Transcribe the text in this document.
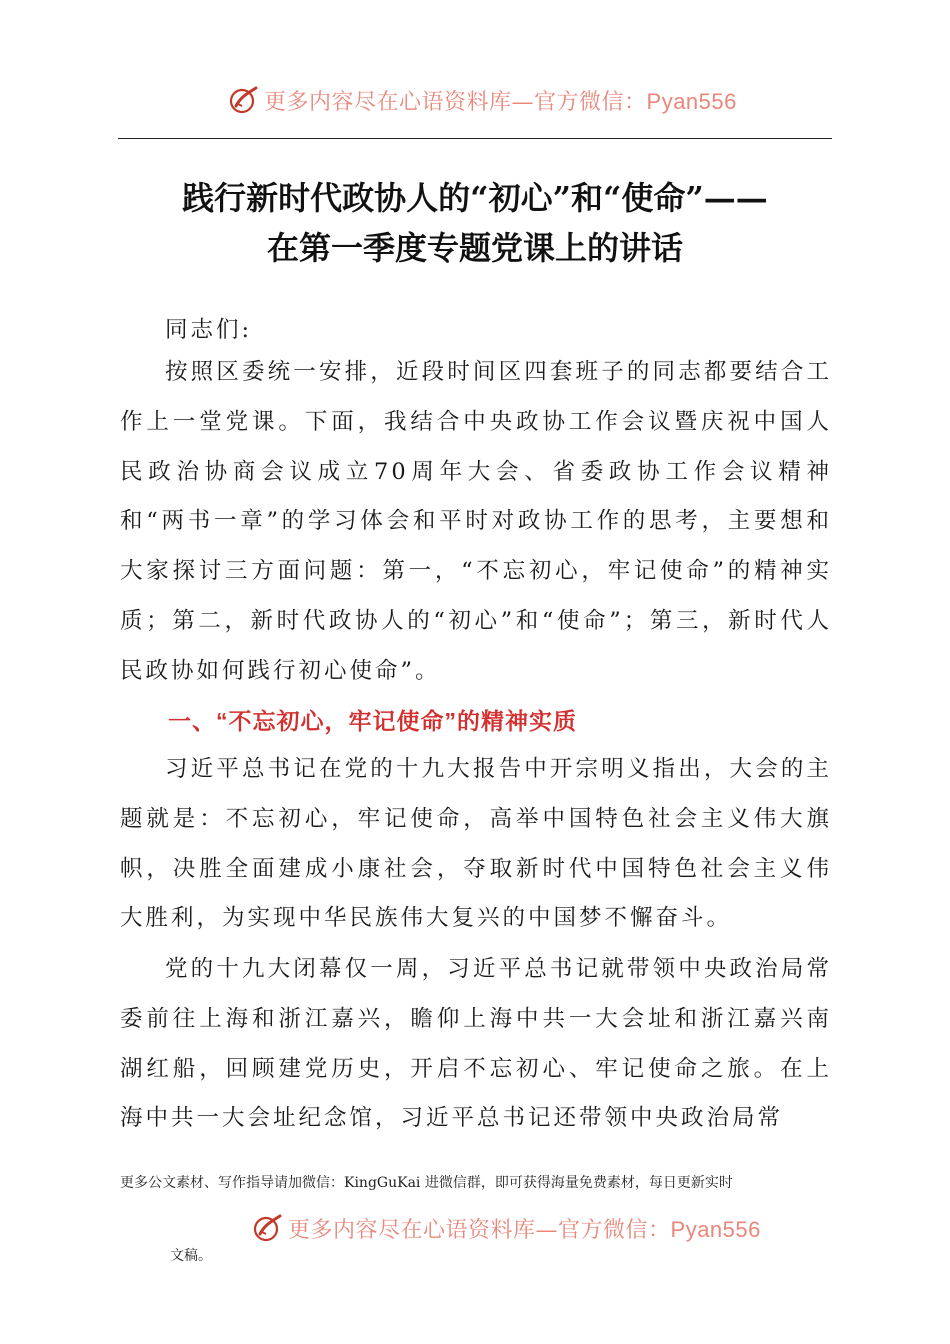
更多内容尽在心语资料库—官方微信：Pyan556
践行新时代政协人的“初心”和“使命”——
在第一季度专题党课上的讲话

同志们:

按照区委统一安排，近段时间区四套班子的同志都要结合工作上一堂党课。下面，我结合中央政协工作会议暨庆祝中国人民政治协商会议成立70周年大会、省委政协工作会议精神和“两书一章”的学习体会和平时对政协工作的思考，主要想和大家探讨三方面问题：第一，“不忘初心，牢记使命”的精神实质；第二，新时代政协人的“初心”和“使命”；第三，新时代人民政协如何践行初心使命”。

一、“不忘初心，牢记使命”的精神实质

习近平总书记在党的十九大报告中开宗明义指出，大会的主题就是：不忘初心，牢记使命，高举中国特色社会主义伟大旗帜，决胜全面建成小康社会，夺取新时代中国特色社会主义伟大胜利，为实现中华民族伟大复兴的中国梦不懈奋斗。

党的十九大闭幕仅一周，习近平总书记就带领中央政治局常委前往上海和浙江嘉兴，瞻仰上海中共一大会址和浙江嘉兴南湖红船，回顾建党历史，开启不忘初心、牢记使命之旅。在上海中共一大会址纪念馆，习近平总书记还带领中央政治局常

更多公文素材、写作指导请加微信：KingGuKai 进微信群，即可获得海量免费素材，每日更新实时
更多内容尽在心语资料库—官方微信：Pyan556
文稿。
